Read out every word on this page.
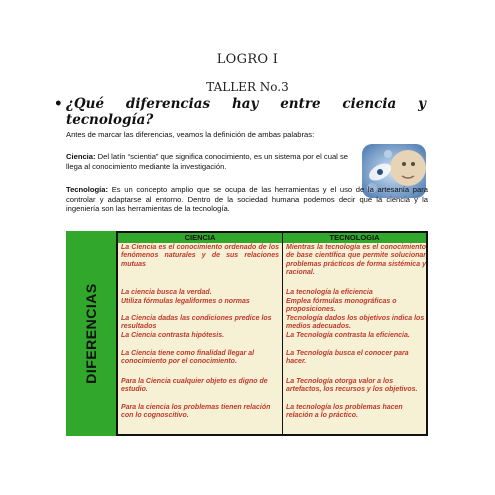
LOGRO I
TALLER No.3
• ¿Qué diferencias hay entre ciencia y
tecnología?
Antes de marcar las diferencias, veamos la definición de ambas palabras:
Ciencia: Del latín “scientia” que significa conocimiento, es un sistema por el cual se llega al conocimiento mediante la investigación.
Tecnología: Es un concepto amplio que se ocupa de las herramientas y el uso de la artesanía para controlar y adaptarse al entorno. Dentro de la sociedad humana podemos decir que la ciencia y la ingeniería son las herramientas de la tecnología.
DIFERENCIAS
CIENCIA	TECNOLOGIA
La Ciencia es el conocimiento ordenado de los fenómenos naturales y de sus relaciones mutuas
La ciencia busca la verdad.
Utiliza fórmulas legaliformes o normas
La Ciencia dadas las condiciones predice los resultados
La Ciencia contrasta hipótesis.
La Ciencia tiene como finalidad llegar al conocimiento por el conocimiento.
Para la Ciencia cualquier objeto es digno de estudio.
Para la ciencia los problemas tienen relación con lo cognoscitivo.
Mientras la tecnología es el conocimiento de base científica que permite solucionar problemas prácticos de forma sistémica y racional.
La tecnología la eficiencia
Emplea fórmulas monográficas o proposiciones.
Tecnología dados los objetivos indica los medios adecuados.
La Tecnología contrasta la eficiencia.
La Tecnología busca el conocer para hacer.
La Tecnología otorga valor a los artefactos, los recursos y los objetivos.
La tecnología los problemas hacen relación a lo práctico.
